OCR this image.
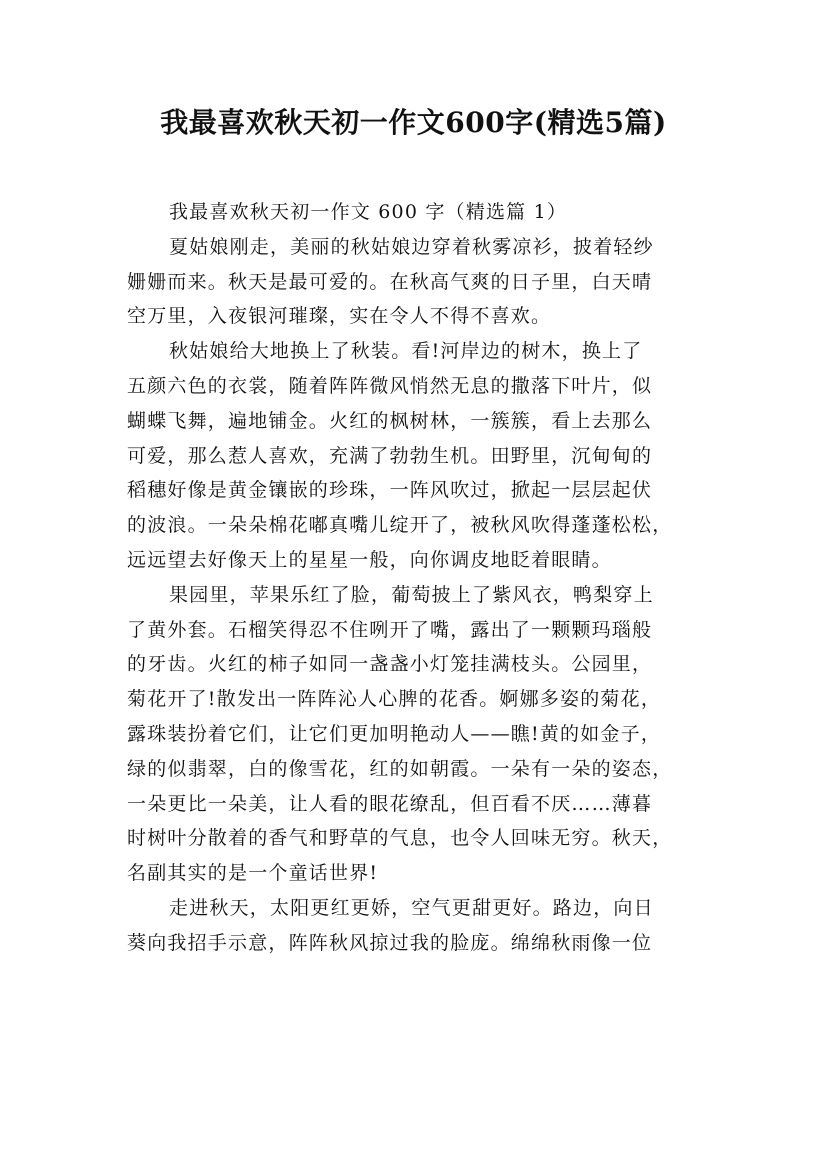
我最喜欢秋天初一作文600字(精选5篇)
我最喜欢秋天初一作文 600 字（精选篇 1）
夏姑娘刚走，美丽的秋姑娘边穿着秋雾凉衫，披着轻纱
姗姗而来。秋天是最可爱的。在秋高气爽的日子里，白天晴
空万里，入夜银河璀璨，实在令人不得不喜欢。
秋姑娘给大地换上了秋装。看!河岸边的树木，换上了
五颜六色的衣裳，随着阵阵微风悄然无息的撒落下叶片，似
蝴蝶飞舞，遍地铺金。火红的枫树林，一簇簇，看上去那么
可爱，那么惹人喜欢，充满了勃勃生机。田野里，沉甸甸的
稻穗好像是黄金镶嵌的珍珠，一阵风吹过，掀起一层层起伏
的波浪。一朵朵棉花嘟真嘴儿绽开了，被秋风吹得蓬蓬松松，
远远望去好像天上的星星一般，向你调皮地眨着眼睛。
果园里，苹果乐红了脸，葡萄披上了紫风衣，鸭梨穿上
了黄外套。石榴笑得忍不住咧开了嘴，露出了一颗颗玛瑙般
的牙齿。火红的柿子如同一盏盏小灯笼挂满枝头。公园里，
菊花开了!散发出一阵阵沁人心脾的花香。婀娜多姿的菊花，
露珠装扮着它们，让它们更加明艳动人——瞧!黄的如金子，
绿的似翡翠，白的像雪花，红的如朝霞。一朵有一朵的姿态，
一朵更比一朵美，让人看的眼花缭乱，但百看不厌……薄暮
时树叶分散着的香气和野草的气息，也令人回味无穷。秋天，
名副其实的是一个童话世界!
走进秋天，太阳更红更娇，空气更甜更好。路边，向日
葵向我招手示意，阵阵秋风掠过我的脸庞。绵绵秋雨像一位
